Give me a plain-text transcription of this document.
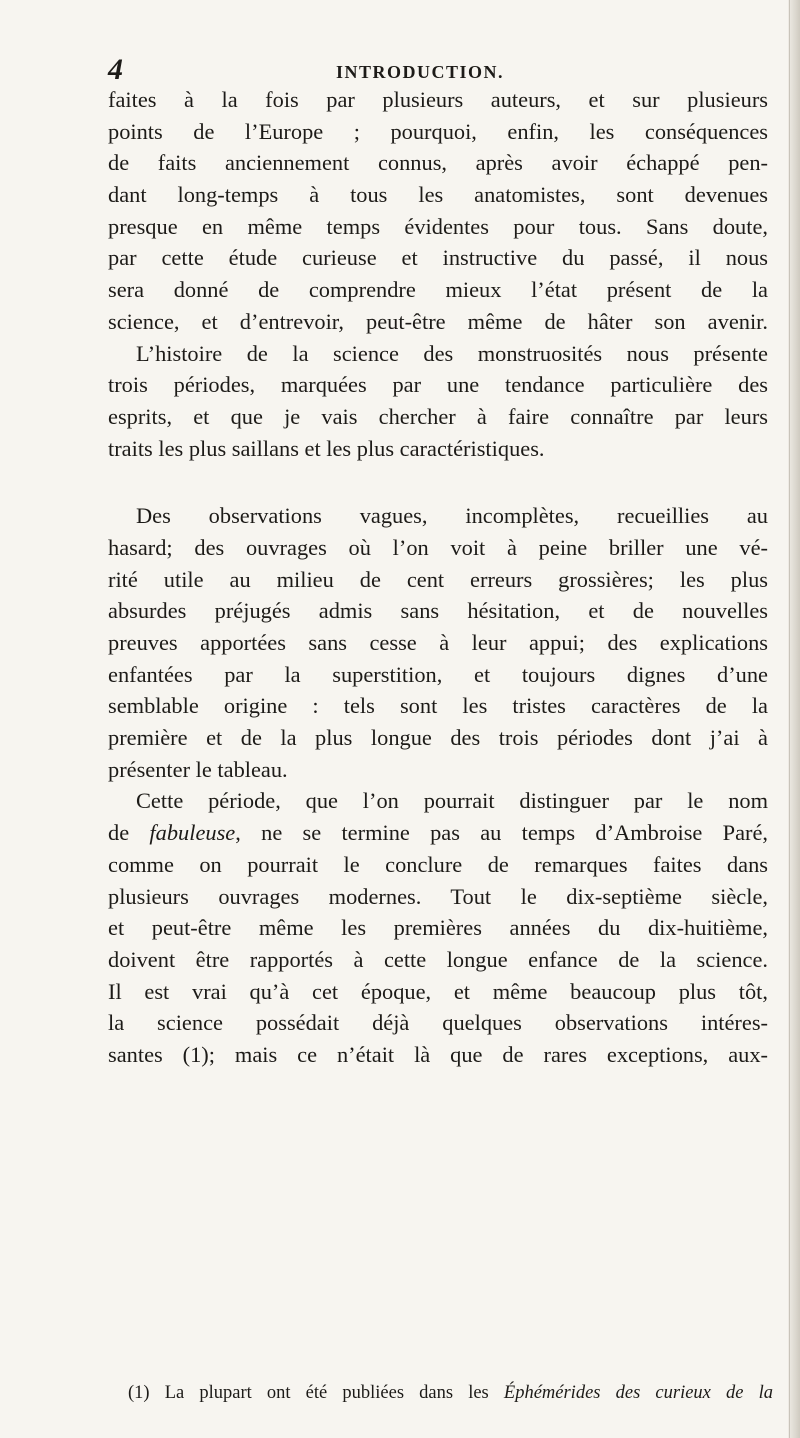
4	INTRODUCTION.
faites à la fois par plusieurs auteurs, et sur plusieurs
points de l’Europe ; pourquoi, enfin, les conséquences
de faits anciennement connus, après avoir échappé pen-
dant long-temps à tous les anatomistes, sont devenues
presque en même temps évidentes pour tous. Sans doute,
par cette étude curieuse et instructive du passé, il nous
sera donné de comprendre mieux l’état présent de la
science, et d’entrevoir, peut-être même de hâter son avenir.
L’histoire de la science des monstruosités nous présente
trois périodes, marquées par une tendance particulière des
esprits, et que je vais chercher à faire connaître par leurs
traits les plus saillans et les plus caractéristiques.
Des observations vagues, incomplètes, recueillies au
hasard; des ouvrages où l’on voit à peine briller une vé-
rité utile au milieu de cent erreurs grossières; les plus
absurdes préjugés admis sans hésitation, et de nouvelles
preuves apportées sans cesse à leur appui; des explications
enfantées par la superstition, et toujours dignes d’une
semblable origine : tels sont les tristes caractères de la
première et de la plus longue des trois périodes dont j’ai à
présenter le tableau.
Cette période, que l’on pourrait distinguer par le nom
de fabuleuse, ne se termine pas au temps d’Ambroise Paré,
comme on pourrait le conclure de remarques faites dans
plusieurs ouvrages modernes. Tout le dix-septième siècle,
et peut-être même les premières années du dix-huitième,
doivent être rapportés à cette longue enfance de la science.
Il est vrai qu’à cet époque, et même beaucoup plus tôt,
la science possédait déjà quelques observations intéres-
santes (1); mais ce n’était là que de rares exceptions, aux-
(1) La plupart ont été publiées dans les Éphémérides des curieux de la
